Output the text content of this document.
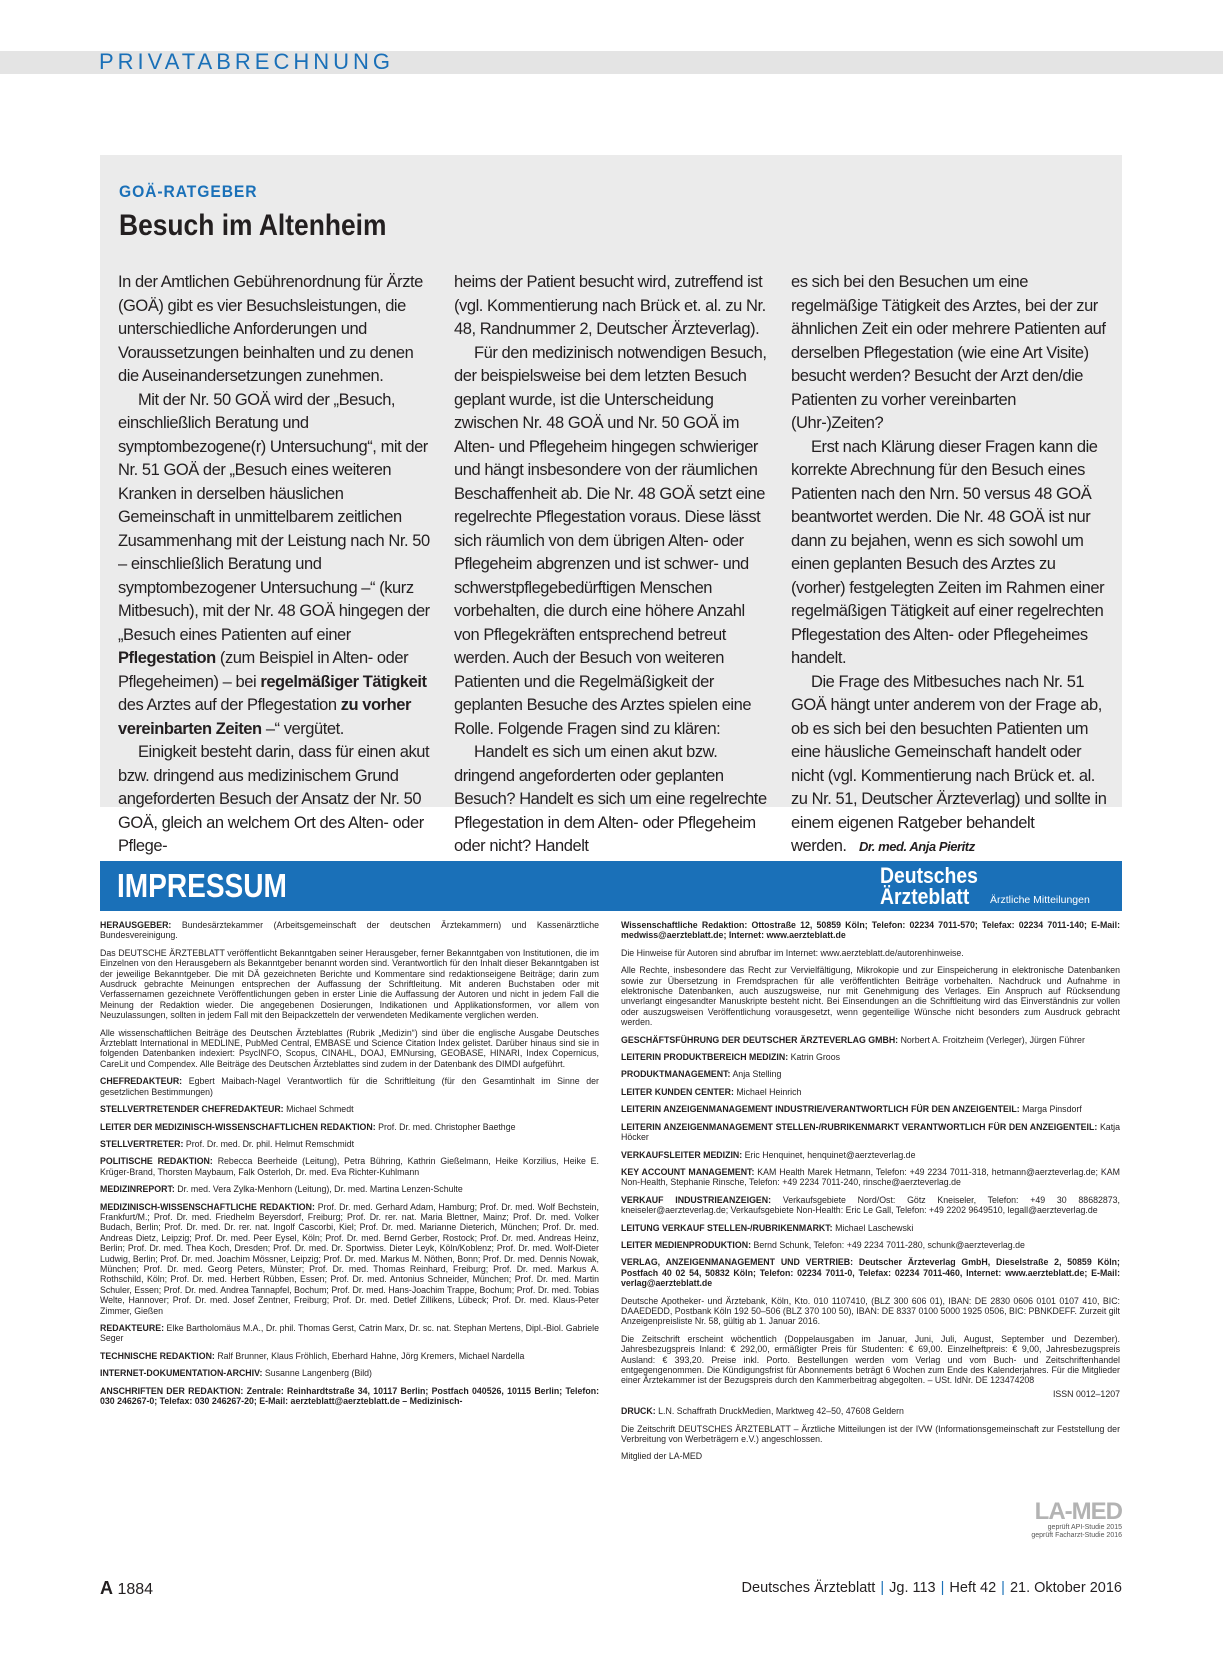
PRIVATABRECHNUNG
GOÄ-RATGEBER
Besuch im Altenheim

In der Amtlichen Gebührenordnung für Ärzte (GOÄ) gibt es vier Besuchsleistungen, die unterschiedliche Anforderungen und Voraussetzungen beinhalten und zu denen die Auseinandersetzungen zunehmen.

Mit der Nr. 50 GOÄ wird der „Besuch, einschließlich Beratung und symptombezogene(r) Untersuchung“, mit der Nr. 51 GOÄ der „Besuch eines weiteren Kranken in derselben häuslichen Gemeinschaft in unmittelbarem zeitlichen Zusammenhang mit der Leistung nach Nr. 50 – einschließlich Beratung und symptombezogener Untersuchung –“ (kurz Mitbesuch), mit der Nr. 48 GOÄ hingegen der „Besuch eines Patienten auf einer Pflegestation (zum Beispiel in Alten- oder Pflegeheimen) – bei regelmäßiger Tätigkeit des Arztes auf der Pflegestation zu vorher vereinbarten Zeiten –“ vergütet.

Einigkeit besteht darin, dass für einen akut bzw. dringend aus medizinischem Grund angeforderten Besuch der Ansatz der Nr. 50 GOÄ, gleich an welchem Ort des Alten- oder Pflege-

heims der Patient besucht wird, zutreffend ist (vgl. Kommentierung nach Brück et. al. zu Nr. 48, Randnummer 2, Deutscher Ärzteverlag).

Für den medizinisch notwendigen Besuch, der beispielsweise bei dem letzten Besuch geplant wurde, ist die Unterscheidung zwischen Nr. 48 GOÄ und Nr. 50 GOÄ im Alten- und Pflegeheim hingegen schwieriger und hängt insbesondere von der räumlichen Beschaffenheit ab. Die Nr. 48 GOÄ setzt eine regelrechte Pflegestation voraus. Diese lässt sich räumlich von dem übrigen Alten- oder Pflegeheim abgrenzen und ist schwer- und schwerstpflegebedürftigen Menschen vorbehalten, die durch eine höhere Anzahl von Pflegekräften entsprechend betreut werden. Auch der Besuch von weiteren Patienten und die Regelmäßigkeit der geplanten Besuche des Arztes spielen eine Rolle. Folgende Fragen sind zu klären:

Handelt es sich um einen akut bzw. dringend angeforderten oder geplanten Besuch? Handelt es sich um eine regelrechte Pflegestation in dem Alten- oder Pflegeheim oder nicht? Handelt

es sich bei den Besuchen um eine regelmäßige Tätigkeit des Arztes, bei der zur ähnlichen Zeit ein oder mehrere Patienten auf derselben Pflegestation (wie eine Art Visite) besucht werden? Besucht der Arzt den/die Patienten zu vorher vereinbarten (Uhr-)Zeiten?

Erst nach Klärung dieser Fragen kann die korrekte Abrechnung für den Besuch eines Patienten nach den Nrn. 50 versus 48 GOÄ beantwortet werden. Die Nr. 48 GOÄ ist nur dann zu bejahen, wenn es sich sowohl um einen geplanten Besuch des Arztes zu (vorher) festgelegten Zeiten im Rahmen einer regelmäßigen Tätigkeit auf einer regelrechten Pflegestation des Alten- oder Pflegeheimes handelt.

Die Frage des Mitbesuches nach Nr. 51 GOÄ hängt unter anderem von der Frage ab, ob es sich bei den besuchten Patienten um eine häusliche Gemeinschaft handelt oder nicht (vgl. Kommentierung nach Brück et. al. zu Nr. 51, Deutscher Ärzteverlag) und sollte in einem eigenen Ratgeber behandelt werden. Dr. med. Anja Pieritz

IMPRESSUM	Deutsches
Ärzteblatt Ärztliche Mitteilungen

HERAUSGEBER: Bundesärztekammer (Arbeitsgemeinschaft der deutschen Ärztekammern) und Kassenärztliche Bundesvereinigung.

Das DEUTSCHE ÄRZTEBLATT veröffentlicht Bekanntgaben seiner Herausgeber, ferner Bekanntgaben von Institutionen, die im Einzelnen von den Herausgebern als Bekanntgeber benannt worden sind. Verantwortlich für den Inhalt dieser Bekanntgaben ist der jeweilige Bekanntgeber. Die mit DÄ gezeichneten Berichte und Kommentare sind redaktionseigene Beiträge; darin zum Ausdruck gebrachte Meinungen entsprechen der Auffassung der Schriftleitung. Mit anderen Buchstaben oder mit Verfassernamen gezeichnete Veröffentlichungen geben in erster Linie die Auffassung der Autoren und nicht in jedem Fall die Meinung der Redaktion wieder. Die angegebenen Dosierungen, Indikationen und Applikationsformen, vor allem von Neuzulassungen, sollten in jedem Fall mit den Beipackzetteln der verwendeten Medikamente verglichen werden.

Alle wissenschaftlichen Beiträge des Deutschen Ärzteblattes (Rubrik „Medizin“) sind über die englische Ausgabe Deutsches Ärzteblatt International in MEDLINE, PubMed Central, EMBASE und Science Citation Index gelistet. Darüber hinaus sind sie in folgenden Datenbanken indexiert: PsycINFO, Scopus, CINAHL, DOAJ, EMNursing, GEOBASE, HINARI, Index Copernicus, CareLit und Compendex. Alle Beiträge des Deutschen Ärzteblattes sind zudem in der Datenbank des DIMDI aufgeführt.

CHEFREDAKTEUR: Egbert Maibach-Nagel Verantwortlich für die Schriftleitung (für den Gesamtinhalt im Sinne der gesetzlichen Bestimmungen)

STELLVERTRETENDER CHEFREDAKTEUR: Michael Schmedt

LEITER DER MEDIZINISCH-WISSENSCHAFTLICHEN REDAKTION: Prof. Dr. med. Christopher Baethge

STELLVERTRETER: Prof. Dr. med. Dr. phil. Helmut Remschmidt

POLITISCHE REDAKTION: Rebecca Beerheide (Leitung), Petra Bühring, Kathrin Gießelmann, Heike Korzilius, Heike E. Krüger-Brand, Thorsten Maybaum, Falk Osterloh, Dr. med. Eva Richter-Kuhlmann

MEDIZINREPORT: Dr. med. Vera Zylka-Menhorn (Leitung), Dr. med. Martina Lenzen-Schulte

MEDIZINISCH-WISSENSCHAFTLICHE REDAKTION: Prof. Dr. med. Gerhard Adam, Hamburg; Prof. Dr. med. Wolf Bechstein, Frankfurt/M.; Prof. Dr. med. Friedhelm Beyersdorf, Freiburg; Prof. Dr. rer. nat. Maria Blettner, Mainz; Prof. Dr. med. Volker Budach, Berlin; Prof. Dr. med. Dr. rer. nat. Ingolf Cascorbi, Kiel; Prof. Dr. med. Marianne Dieterich, München; Prof. Dr. med. Andreas Dietz, Leipzig; Prof. Dr. med. Peer Eysel, Köln; Prof. Dr. med. Bernd Gerber, Rostock; Prof. Dr. med. Andreas Heinz, Berlin; Prof. Dr. med. Thea Koch, Dresden; Prof. Dr. med. Dr. Sportwiss. Dieter Leyk, Köln/Koblenz; Prof. Dr. med. Wolf-Dieter Ludwig, Berlin; Prof. Dr. med. Joachim Mössner, Leipzig; Prof. Dr. med. Markus M. Nöthen, Bonn; Prof. Dr. med. Dennis Nowak, München; Prof. Dr. med. Georg Peters, Münster; Prof. Dr. med. Thomas Reinhard, Freiburg; Prof. Dr. med. Markus A. Rothschild, Köln; Prof. Dr. med. Herbert Rübben, Essen; Prof. Dr. med. Antonius Schneider, München; Prof. Dr. med. Martin Schuler, Essen; Prof. Dr. med. Andrea Tannapfel, Bochum; Prof. Dr. med. Hans-Joachim Trappe, Bochum; Prof. Dr. med. Tobias Welte, Hannover; Prof. Dr. med. Josef Zentner, Freiburg; Prof. Dr. med. Detlef Zillikens, Lübeck; Prof. Dr. med. Klaus-Peter Zimmer, Gießen

REDAKTEURE: Elke Bartholomäus M.A., Dr. phil. Thomas Gerst, Catrin Marx, Dr. sc. nat. Stephan Mertens, Dipl.-Biol. Gabriele Seger

TECHNISCHE REDAKTION: Ralf Brunner, Klaus Fröhlich, Eberhard Hahne, Jörg Kremers, Michael Nardella

INTERNET-DOKUMENTATION-ARCHIV: Susanne Langenberg (Bild)

ANSCHRIFTEN DER REDAKTION: Zentrale: Reinhardtstraße 34, 10117 Berlin; Postfach 040526, 10115 Berlin; Telefon: 030 246267-0; Telefax: 030 246267-20; E-Mail: aerzteblatt@aerzteblatt.de – Medizinisch-

Wissenschaftliche Redaktion: Ottostraße 12, 50859 Köln; Telefon: 02234 7011-570; Telefax: 02234 7011-140; E-Mail: medwiss@aerzteblatt.de; Internet: www.aerzteblatt.de

Die Hinweise für Autoren sind abrufbar im Internet: www.aerzteblatt.de/autorenhinweise.

Alle Rechte, insbesondere das Recht zur Vervielfältigung, Mikrokopie und zur Einspeicherung in elektronische Datenbanken sowie zur Übersetzung in Fremdsprachen für alle veröffentlichten Beiträge vorbehalten. Nachdruck und Aufnahme in elektronische Datenbanken, auch auszugsweise, nur mit Genehmigung des Verlages. Ein Anspruch auf Rücksendung unverlangt eingesandter Manuskripte besteht nicht. Bei Einsendungen an die Schriftleitung wird das Einverständnis zur vollen oder auszugsweisen Veröffentlichung vorausgesetzt, wenn gegenteilige Wünsche nicht besonders zum Ausdruck gebracht werden.

GESCHÄFTSFÜHRUNG DER DEUTSCHER ÄRZTEVERLAG GMBH: Norbert A. Froitzheim (Verleger), Jürgen Führer

LEITERIN PRODUKTBEREICH MEDIZIN: Katrin Groos

PRODUKTMANAGEMENT: Anja Stelling

LEITER KUNDEN CENTER: Michael Heinrich

LEITERIN ANZEIGENMANAGEMENT INDUSTRIE/VERANTWORTLICH FÜR DEN ANZEIGENTEIL: Marga Pinsdorf

LEITERIN ANZEIGENMANAGEMENT STELLEN-/RUBRIKENMARKT VERANTWORTLICH FÜR DEN ANZEIGENTEIL: Katja Höcker

VERKAUFSLEITER MEDIZIN: Eric Henquinet, henquinet@aerzteverlag.de

KEY ACCOUNT MANAGEMENT: KAM Health Marek Hetmann, Telefon: +49 2234 7011-318, hetmann@aerzteverlag.de; KAM Non-Health, Stephanie Rinsche, Telefon: +49 2234 7011-240, rinsche@aerzteverlag.de

VERKAUF INDUSTRIEANZEIGEN: Verkaufsgebiete Nord/Ost: Götz Kneiseler, Telefon: +49 30 88682873, kneiseler@aerzteverlag.de; Verkaufsgebiete Non-Health: Eric Le Gall, Telefon: +49 2202 9649510, legall@aerzteverlag.de

LEITUNG VERKAUF STELLEN-/RUBRIKENMARKT: Michael Laschewski

LEITER MEDIENPRODUKTION: Bernd Schunk, Telefon: +49 2234 7011-280, schunk@aerzteverlag.de

VERLAG, ANZEIGENMANAGEMENT UND VERTRIEB: Deutscher Ärzteverlag GmbH, Dieselstraße 2, 50859 Köln; Postfach 40 02 54, 50832 Köln; Telefon: 02234 7011-0, Telefax: 02234 7011-460, Internet: www.aerzteblatt.de; E-Mail: verlag@aerzteblatt.de

Deutsche Apotheker- und Ärztebank, Köln, Kto. 010 1107410, (BLZ 300 606 01), IBAN: DE 2830 0606 0101 0107 410, BIC: DAAEDEDD, Postbank Köln 192 50–506 (BLZ 370 100 50), IBAN: DE 8337 0100 5000 1925 0506, BIC: PBNKDEFF. Zurzeit gilt Anzeigenpreisliste Nr. 58, gültig ab 1. Januar 2016.

Die Zeitschrift erscheint wöchentlich (Doppelausgaben im Januar, Juni, Juli, August, September und Dezember). Jahresbezugspreis Inland: € 292,00, ermäßigter Preis für Studenten: € 69,00. Einzelheftpreis: € 9,00, Jahresbezugspreis Ausland: € 393,20. Preise inkl. Porto. Bestellungen werden vom Verlag und vom Buch- und Zeitschriftenhandel entgegengenommen. Die Kündigungsfrist für Abonnements beträgt 6 Wochen zum Ende des Kalenderjahres. Für die Mitglieder einer Ärztekammer ist der Bezugspreis durch den Kammerbeitrag abgegolten. – USt. IdNr. DE 123474208

ISSN 0012–1207

DRUCK: L.N. Schaffrath DruckMedien, Marktweg 42–50, 47608 Geldern

Die Zeitschrift DEUTSCHES ÄRZTEBLATT – Ärztliche Mitteilungen ist der IVW (Informationsgemeinschaft zur Feststellung der Verbreitung von Werbeträgern e.V.) angeschlossen.

Mitglied der LA-MED

LA-MED
geprüft API-Studie 2015
geprüft Facharzt-Studie 2016
A 1884	Deutsches Ärzteblatt | Jg. 113 | Heft 42 | 21. Oktober 2016
